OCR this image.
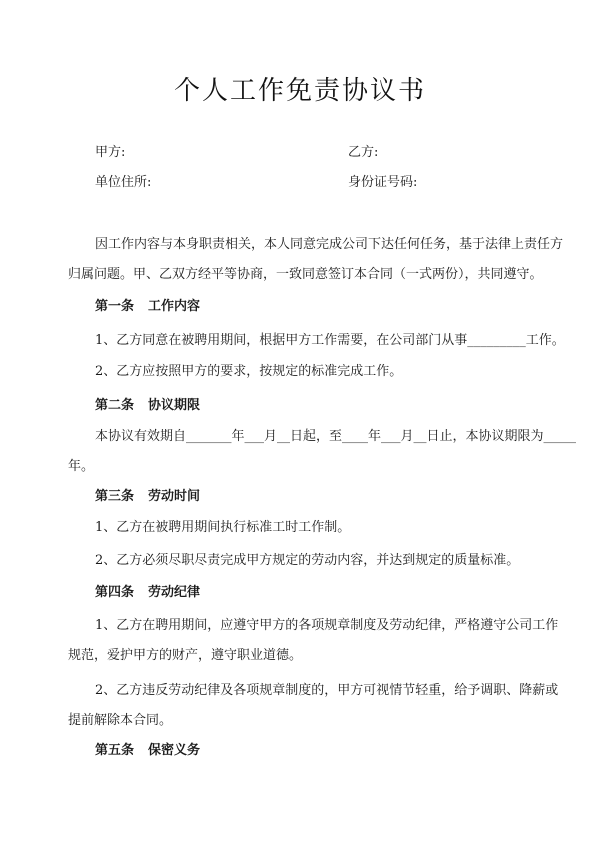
个人工作免责协议书
甲方:	乙方:
单位住所:	身份证号码:
因工作内容与本身职责相关，本人同意完成公司下达任何任务，基于法律上责任方
归属问题。甲、乙双方经平等协商，一致同意签订本合同（一式两份），共同遵守。
第一条 工作内容
1、乙方同意在被聘用期间，根据甲方工作需要，在公司部门从事_________工作。
2、乙方应按照甲方的要求，按规定的标准完成工作。
第二条 协议期限
本协议有效期自_______年___月__日起，至____年___月__日止，本协议期限为_____
年。
第三条 劳动时间
1、乙方在被聘用期间执行标准工时工作制。
2、乙方必须尽职尽责完成甲方规定的劳动内容，并达到规定的质量标准。
第四条 劳动纪律
1、乙方在聘用期间，应遵守甲方的各项规章制度及劳动纪律，严格遵守公司工作
规范，爱护甲方的财产，遵守职业道德。
2、乙方违反劳动纪律及各项规章制度的，甲方可视情节轻重，给予调职、降薪或
提前解除本合同。
第五条 保密义务
